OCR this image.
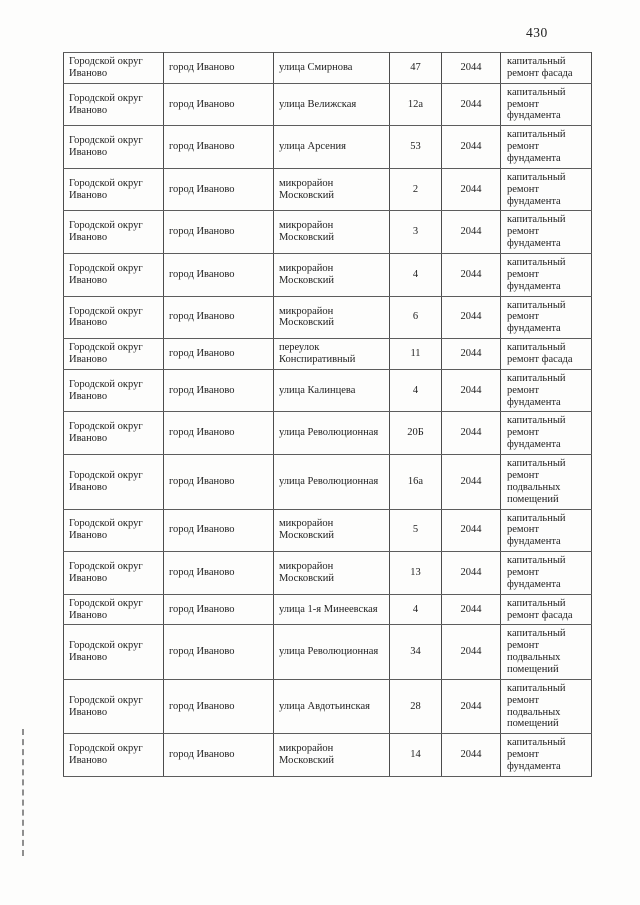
430
Городской округ Иваново	город Иваново	улица Смирнова	47	2044	капитальный ремонт фасада
Городской округ Иваново	город Иваново	улица Велижская	12а	2044	капитальный ремонт фундамента
Городской округ Иваново	город Иваново	улица Арсения	53	2044	капитальный ремонт фундамента
Городской округ Иваново	город Иваново	микрорайон Московский	2	2044	капитальный ремонт фундамента
Городской округ Иваново	город Иваново	микрорайон Московский	3	2044	капитальный ремонт фундамента
Городской округ Иваново	город Иваново	микрорайон Московский	4	2044	капитальный ремонт фундамента
Городской округ Иваново	город Иваново	микрорайон Московский	6	2044	капитальный ремонт фундамента
Городской округ Иваново	город Иваново	переулок Конспиративный	11	2044	капитальный ремонт фасада
Городской округ Иваново	город Иваново	улица Калинцева	4	2044	капитальный ремонт фундамента
Городской округ Иваново	город Иваново	улица Революционная	20Б	2044	капитальный ремонт фундамента
Городской округ Иваново	город Иваново	улица Революционная	16а	2044	капитальный ремонт подвальных помещений
Городской округ Иваново	город Иваново	микрорайон Московский	5	2044	капитальный ремонт фундамента
Городской округ Иваново	город Иваново	микрорайон Московский	13	2044	капитальный ремонт фундамента
Городской округ Иваново	город Иваново	улица 1-я Минеевская	4	2044	капитальный ремонт фасада
Городской округ Иваново	город Иваново	улица Революционная	34	2044	капитальный ремонт подвальных помещений
Городской округ Иваново	город Иваново	улица Авдотьинская	28	2044	капитальный ремонт подвальных помещений
Городской округ Иваново	город Иваново	микрорайон Московский	14	2044	капитальный ремонт фундамента
